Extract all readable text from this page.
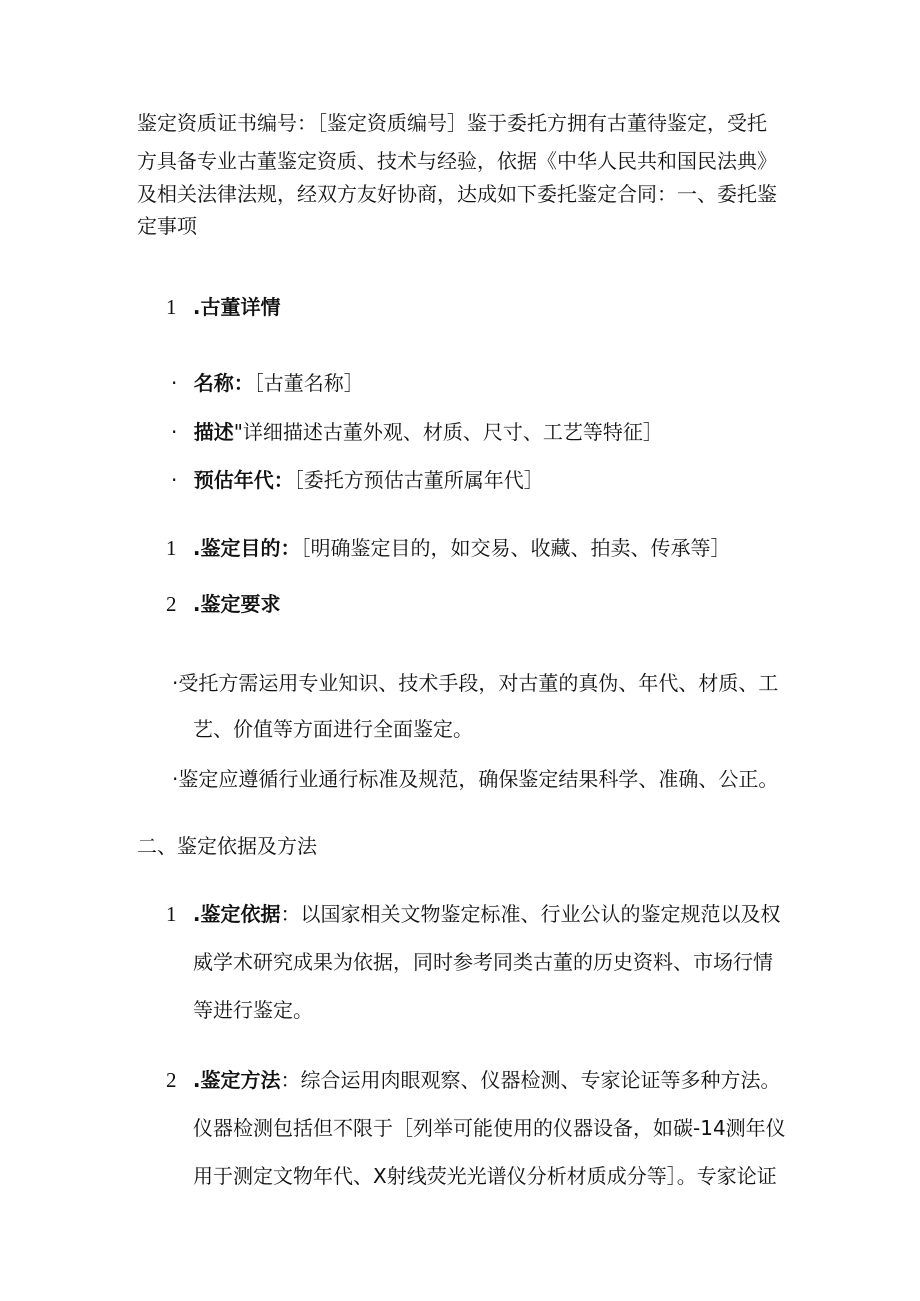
鉴定资质证书编号：［鉴定资质编号］鉴于委托方拥有古董待鉴定，受托
方具备专业古董鉴定资质、技术与经验，依据《中华人民共和国民法典》
及相关法律法规，经双方友好协商，达成如下委托鉴定合同：一、委托鉴
定事项
1 .古董详情
· 名称：［古董名称］
· 描述"详细描述古董外观、材质、尺寸、工艺等特征］
· 预估年代：［委托方预估古董所属年代］
1 .鉴定目的：［明确鉴定目的，如交易、收藏、拍卖、传承等］
2 .鉴定要求
·受托方需运用专业知识、技术手段，对古董的真伪、年代、材质、工
艺、价值等方面进行全面鉴定。
·鉴定应遵循行业通行标准及规范，确保鉴定结果科学、准确、公正。
二、鉴定依据及方法
1 .鉴定依据：以国家相关文物鉴定标准、行业公认的鉴定规范以及权
威学术研究成果为依据，同时参考同类古董的历史资料、市场行情
等进行鉴定。
2 .鉴定方法：综合运用肉眼观察、仪器检测、专家论证等多种方法。
仪器检测包括但不限于［列举可能使用的仪器设备，如碳-14测年仪
用于测定文物年代、X射线荧光光谱仪分析材质成分等］。专家论证
